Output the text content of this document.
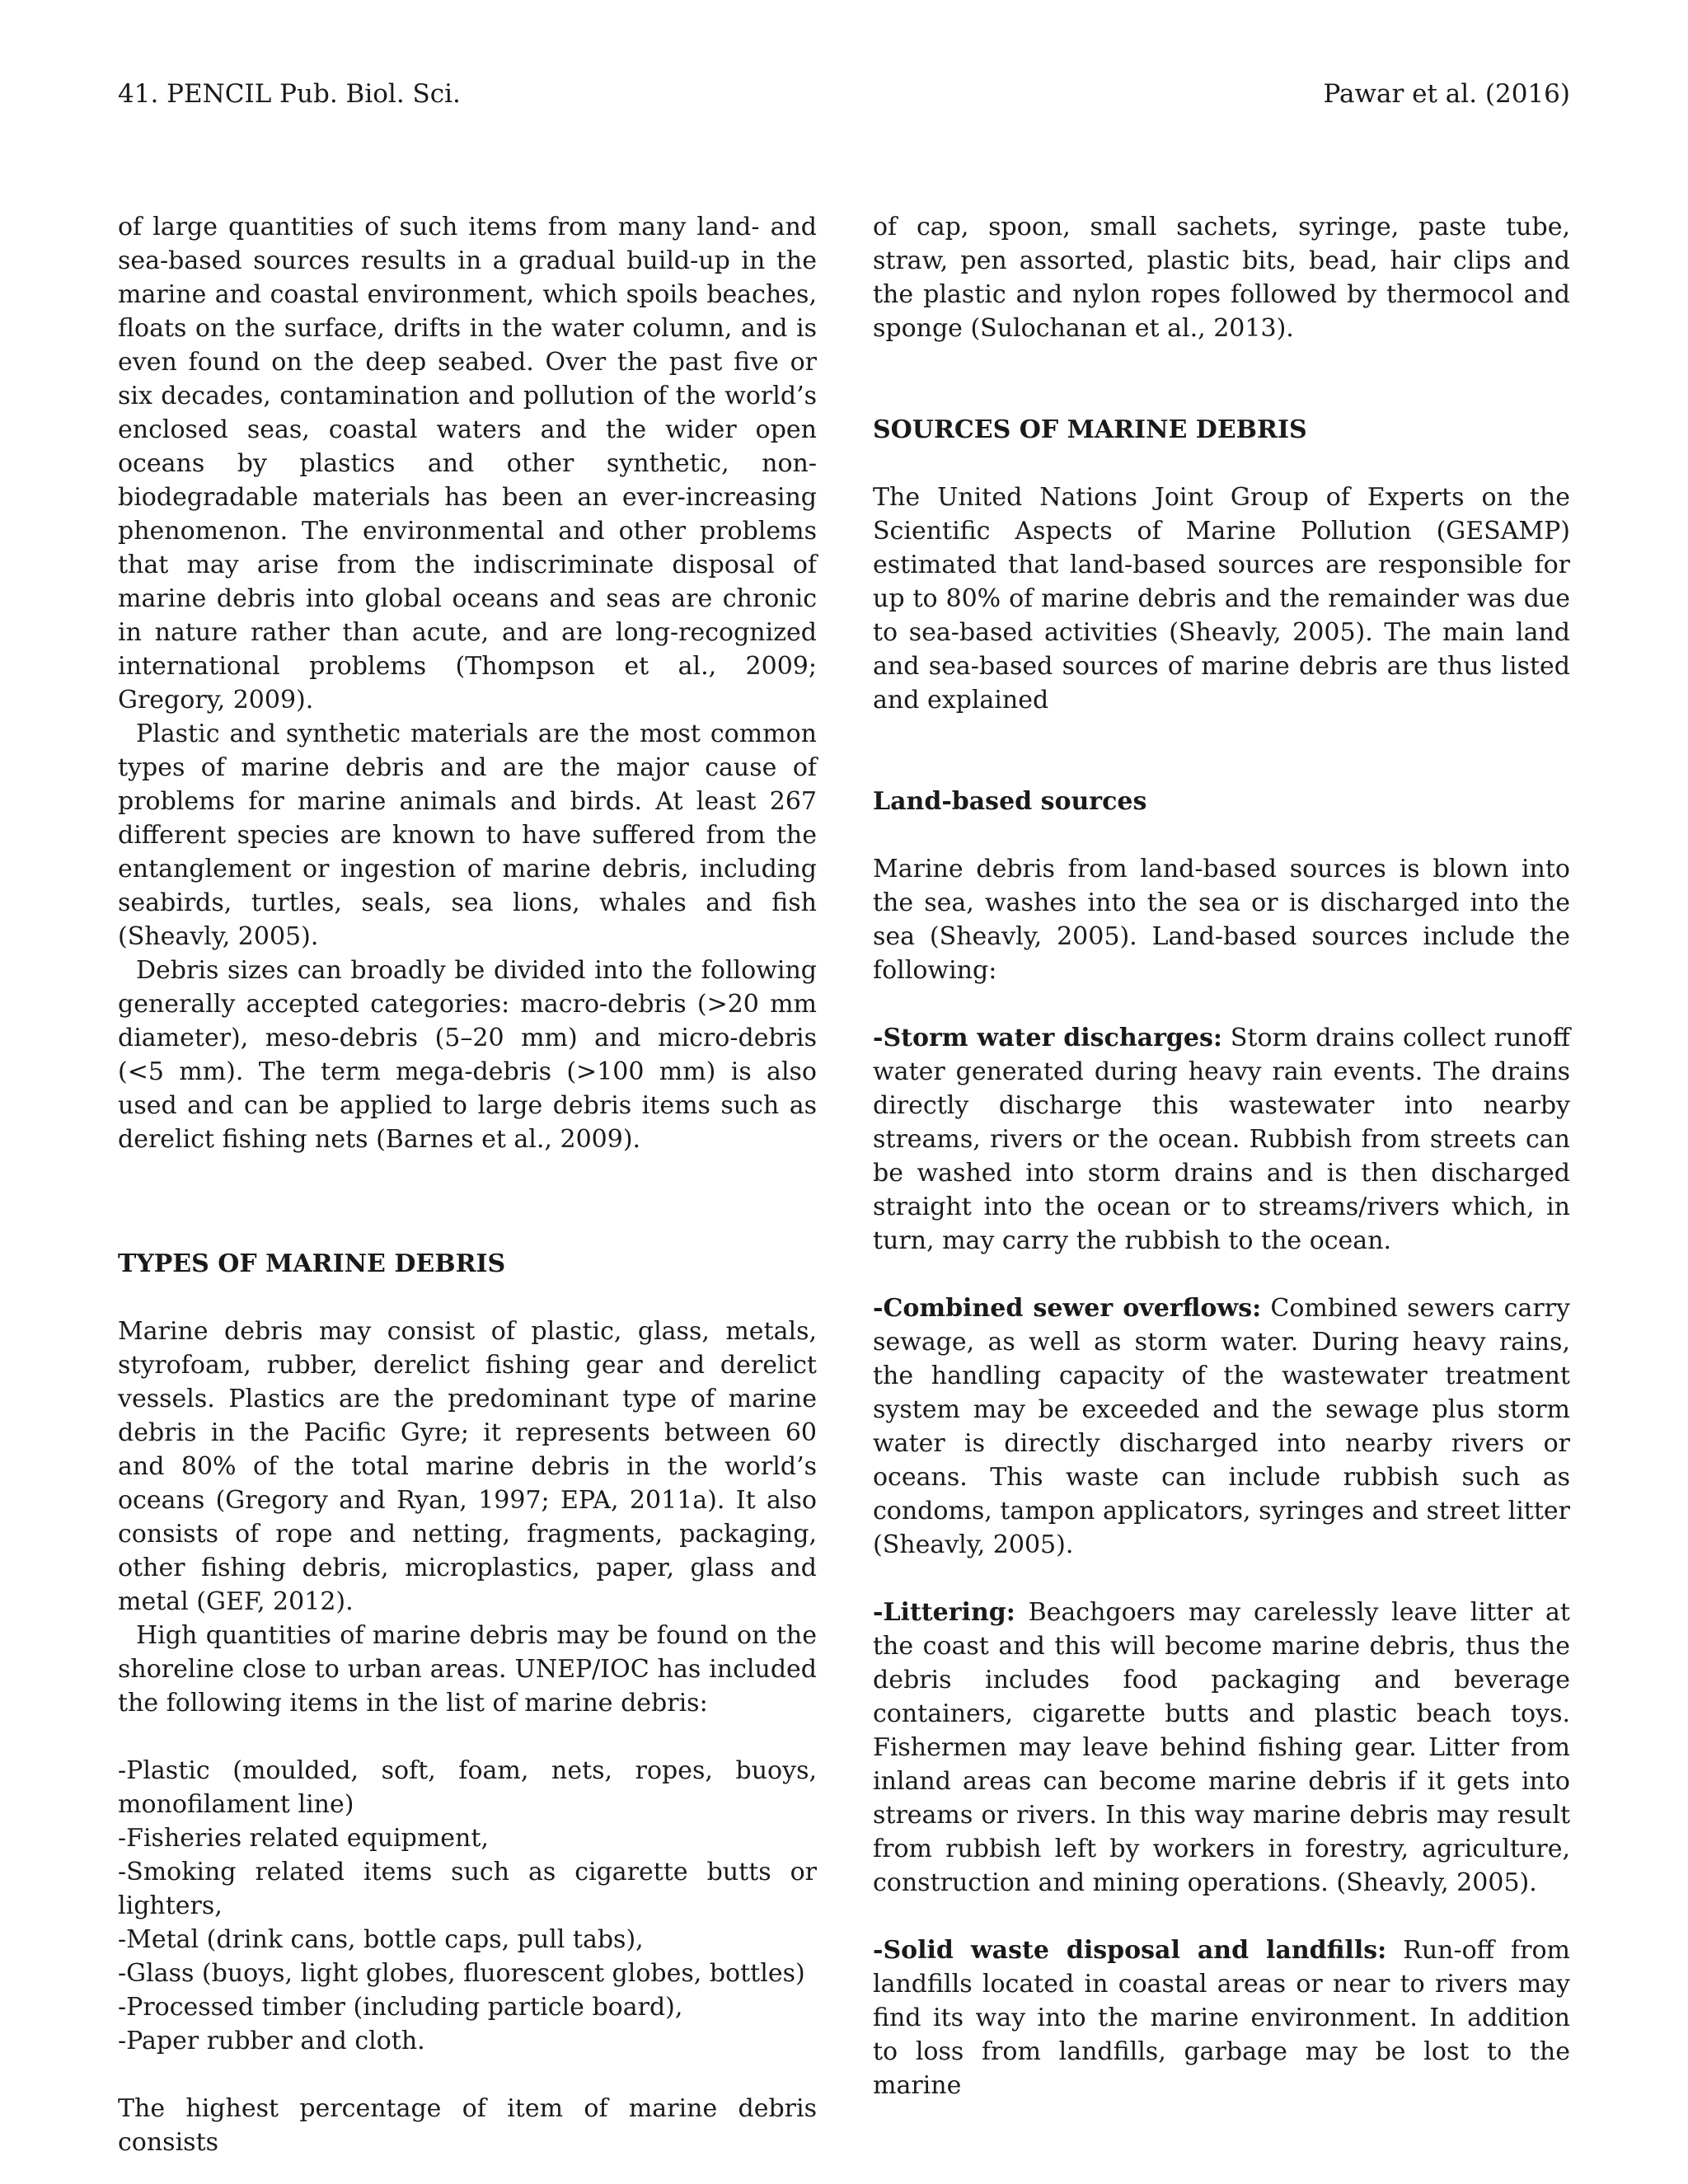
41. PENCIL Pub. Biol. Sci.	Pawar et al. (2016)

of large quantities of such items from many land- and sea-based sources results in a gradual build-up in the marine and coastal environment, which spoils beaches, floats on the surface, drifts in the water column, and is even found on the deep seabed. Over the past five or six decades, contamination and pollution of the world’s enclosed seas, coastal waters and the wider open oceans by plastics and other synthetic, non-biodegradable materials has been an ever-increasing phenomenon. The environmental and other problems that may arise from the indiscriminate disposal of marine debris into global oceans and seas are chronic in nature rather than acute, and are long-recognized international problems (Thompson et al., 2009; Gregory, 2009).

Plastic and synthetic materials are the most common types of marine debris and are the major cause of problems for marine animals and birds. At least 267 different species are known to have suffered from the entanglement or ingestion of marine debris, including seabirds, turtles, seals, sea lions, whales and fish (Sheavly, 2005).

Debris sizes can broadly be divided into the following generally accepted categories: macro-debris (>20 mm diameter), meso-debris (5–20 mm) and micro-debris (<5 mm). The term mega-debris (>100 mm) is also used and can be applied to large debris items such as derelict fishing nets (Barnes et al., 2009).

TYPES OF MARINE DEBRIS

Marine debris may consist of plastic, glass, metals, styrofoam, rubber, derelict fishing gear and derelict vessels. Plastics are the predominant type of marine debris in the Pacific Gyre; it represents between 60 and 80% of the total marine debris in the world’s oceans (Gregory and Ryan, 1997; EPA, 2011a). It also consists of rope and netting, fragments, packaging, other fishing debris, microplastics, paper, glass and metal (GEF, 2012).

High quantities of marine debris may be found on the shoreline close to urban areas. UNEP/IOC has included the following items in the list of marine debris:

-Plastic (moulded, soft, foam, nets, ropes, buoys, monofilament line)

-Fisheries related equipment,

-Smoking related items such as cigarette butts or lighters,

-Metal (drink cans, bottle caps, pull tabs),

-Glass (buoys, light globes, fluorescent globes, bottles)

-Processed timber (including particle board),

-Paper rubber and cloth.

The highest percentage of item of marine debris consists

of cap, spoon, small sachets, syringe, paste tube, straw, pen assorted, plastic bits, bead, hair clips and the plastic and nylon ropes followed by thermocol and sponge (Sulochanan et al., 2013).

SOURCES OF MARINE DEBRIS

The United Nations Joint Group of Experts on the Scientific Aspects of Marine Pollution (GESAMP) estimated that land-based sources are responsible for up to 80% of marine debris and the remainder was due to sea-based activities (Sheavly, 2005). The main land and sea-based sources of marine debris are thus listed and explained

Land-based sources

Marine debris from land-based sources is blown into the sea, washes into the sea or is discharged into the sea (Sheavly, 2005). Land-based sources include the following:

-Storm water discharges: Storm drains collect runoff water generated during heavy rain events. The drains directly discharge this wastewater into nearby streams, rivers or the ocean. Rubbish from streets can be washed into storm drains and is then discharged straight into the ocean or to streams/rivers which, in turn, may carry the rubbish to the ocean.

-Combined sewer overflows: Combined sewers carry sewage, as well as storm water. During heavy rains, the handling capacity of the wastewater treatment system may be exceeded and the sewage plus storm water is directly discharged into nearby rivers or oceans. This waste can include rubbish such as condoms, tampon applicators, syringes and street litter (Sheavly, 2005).

-Littering: Beachgoers may carelessly leave litter at the coast and this will become marine debris, thus the debris includes food packaging and beverage containers, cigarette butts and plastic beach toys. Fishermen may leave behind fishing gear. Litter from inland areas can become marine debris if it gets into streams or rivers. In this way marine debris may result from rubbish left by workers in forestry, agriculture, construction and mining operations. (Sheavly, 2005).

-Solid waste disposal and landfills: Run-off from landfills located in coastal areas or near to rivers may find its way into the marine environment. In addition to loss from landfills, garbage may be lost to the marine
